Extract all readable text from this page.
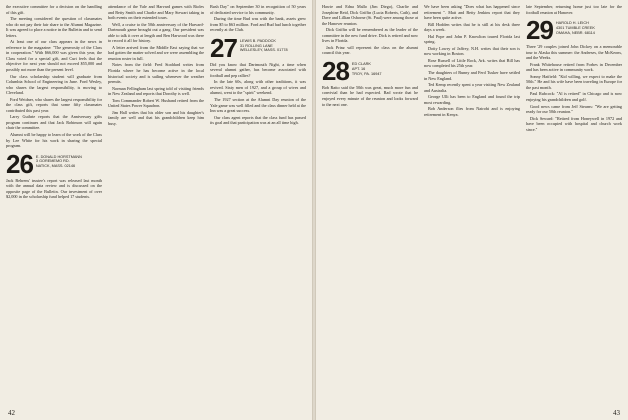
the executive committee for a decision on the handling of this gift.

The meeting considered the question of classmates who do not pay their fair share to the Alumni Magazine. It was agreed to place a notice in the Bulletin and to send letters.

At least one of our class appears in the news in reference to the magazine: "The generosity of the Class in cooperation." With $66,000 was given this year, the Class voted for a special gift, and Curt feels that the objective for next year should not exceed $55,000 and possibly not more than the present level.

Our class scholarship student will graduate from Columbia School of Engineering in June. Ford Wesley, who shares the largest responsibility, is moving to Cleveland.

Ford Weidner, who shares the largest responsibility for the class gift, reports that some fifty classmates contributed this past year.

Larry Guthrie reports that the Anniversary gifts program continues and that Jack Robinson will again chair the committee.

Alumni will be happy to learn of the work of the Class by Lee White for his work in sharing the special program.

26 E. DONALD HORSTMANN
3 GOREMEMO RD.
NATICK, MASS. 02146

Jack Behrens' trustee's report was released last month with the annual data review and is discussed on the opposite page of the Bulletin. Our investment of over $2,000 in the scholarship fund helped 17 students.

attendance of the Yale and Harvard games with Rioles and Betty Smith and Charlie and Mary Stewart taking in both events on their extended tours.

Well, a cruise to the 50th anniversary of the Harvard-Dartmouth game brought out a gang. Our president was able to talk it over at length and Ben Harwood was there to record it all for history.

A letter arrived from the Middle East saying that we had gotten the matter solved and we were assembling the reunion roster in full.

Notes from the field: Fred Stoddard writes from Florida where he has become active in the local historical society and is sailing whenever the weather permits.

Norman Fellingham last spring told of visiting friends in New Zealand and reports that Dorothy is well.

Tom Commander Robert W. Husband retired from the United States Power Squadron.

Jim Hall writes that his older son and his daughter's family are well and that his grandchildren keep him busy.

Bush Day" on September 30 in recognition of 50 years of dedicated service to his community.

During the time Bud was with the bank, assets grew from $5 to $63 million. Ford and Bud had lunch together recently at the Club.

27 LEWIS B. PADDOCK
31 ROLLING LANE
WELLESLEY, MASS. 01778

Did you know that Dartmouth Night, a time when several alumni gather, has become associated with football and pep rallies?

In the late 60s, along with other traditions, it was revived. Sixty men of 1927, and a group of wives and alumni, went to the "spirit" weekend.

The 1927 section at the Alumni Day reunion of the Yale game was well filled and the class dinner held at the Inn was a great success.

Our class agent reports that the class fund has passed its goal and that participation was at an all time high.

42

Hawie and Edna Mallo (Jim Diego), Charlie and Josephine Reid, Dick Griffin (Lucia Roberts, Cath), and Dave and Lillian Osborne (St. Paul) were among those at the Hanover reunion.

Dick Griffin will be remembered as the leader of the committee in the new fund drive. Dick is retired and now lives in Florida.

Jack Prinz will represent the class on the alumni council this year.

28 ED CLARK
APT. 16
TROY, PA. 16947

Bob Ratto said the 50th was great, much more fun and convivial than he had expected. Rad wrote that he enjoyed every minute of the reunion and looks forward to the next one.

We have been asking "Does what has happened since retirement ". Matt and Betty Jenkins report that they have been quite active.

Bill Hodden writes that he is still at his desk three days a week.

Hal Pope and John P. Knowlton toured Florida last spring.

Dotty Lowry of Jaffrey, N.H. writes that their son is now working in Boston.

Rose Russell of Little Rock, Ark. writes that Bill has now completed his 25th year.

The daughters of Bunny and Ferd Tusker have settled in New England.

Ted Kemp recently spent a year visiting New Zealand and Australia.

George Ulli has been to England and found the trip most rewarding.

Bob Anderson flies from Nairobi and is enjoying retirement in Kenya.

late September, returning home just too late for the football reunion at Hanover.

29 HAROLD H. LEICH
4301 TUMBLE CREEK
OMAHA, NEBR. 68114

Three '29 couples joined John Dickey on a memorable tour to Alaska this summer: the Andreses, the McKeons, and the Weeks.

Frank Whitehouse retired from Forbes in December and has been active in community work.

Sonny Hatfield: "Kid willing, we expect to make the 50th." He and his wife have been traveling in Europe for the past month.

Paul Rubcock: "Al is retired" in Chicago and is now enjoying his grandchildren and golf.

Good news came from Jeff Stearns: "We are getting ready for our 50th reunion."

Dick Seward: "Retired from Honeywell in 1972 and have been occupied with hospital and church work since."

43
